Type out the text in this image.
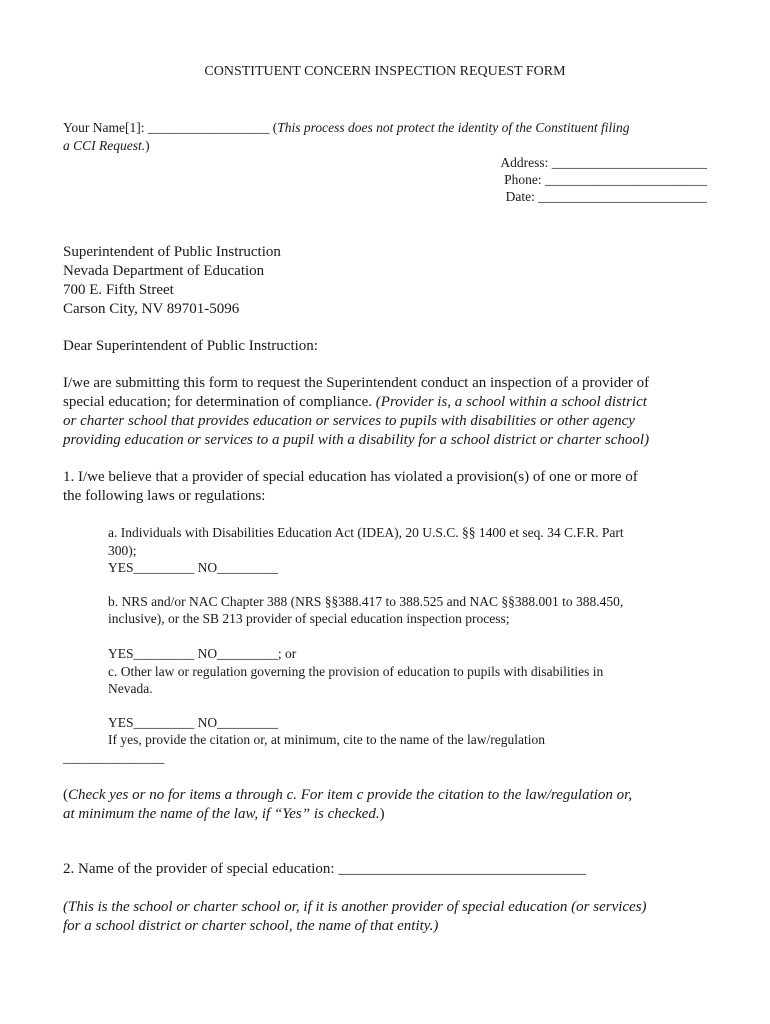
CONSTITUENT CONCERN INSPECTION REQUEST FORM
Your Name[1]: __________________ (This process does not protect the identity of the Constituent filing
a CCI Request.)
Address: _______________________
Phone: ________________________
Date: _________________________
Superintendent of Public Instruction
Nevada Department of Education
700 E. Fifth Street
Carson City, NV 89701-5096
Dear Superintendent of Public Instruction:
I/we are submitting this form to request the Superintendent conduct an inspection of a provider of
special education; for determination of compliance. (Provider is, a school within a school district
or charter school that provides education or services to pupils with disabilities or other agency
providing education or services to a pupil with a disability for a school district or charter school)
1. I/we believe that a provider of special education has violated a provision(s) of one or more of
the following laws or regulations:
a. Individuals with Disabilities Education Act (IDEA), 20 U.S.C. §§ 1400 et seq. 34 C.F.R. Part
300);
YES_________ NO_________
b. NRS and/or NAC Chapter 388 (NRS §§388.417 to 388.525 and NAC §§388.001 to 388.450,
inclusive), or the SB 213 provider of special education inspection process;
YES_________ NO_________; or
c. Other law or regulation governing the provision of education to pupils with disabilities in
Nevada.
YES_________ NO_________
If yes, provide the citation or, at minimum, cite to the name of the law/regulation
_______________
(Check yes or no for items a through c. For item c provide the citation to the law/regulation or,
at minimum the name of the law, if “Yes” is checked.)
2. Name of the provider of special education: _________________________________
(This is the school or charter school or, if it is another provider of special education (or services)
for a school district or charter school, the name of that entity.)
